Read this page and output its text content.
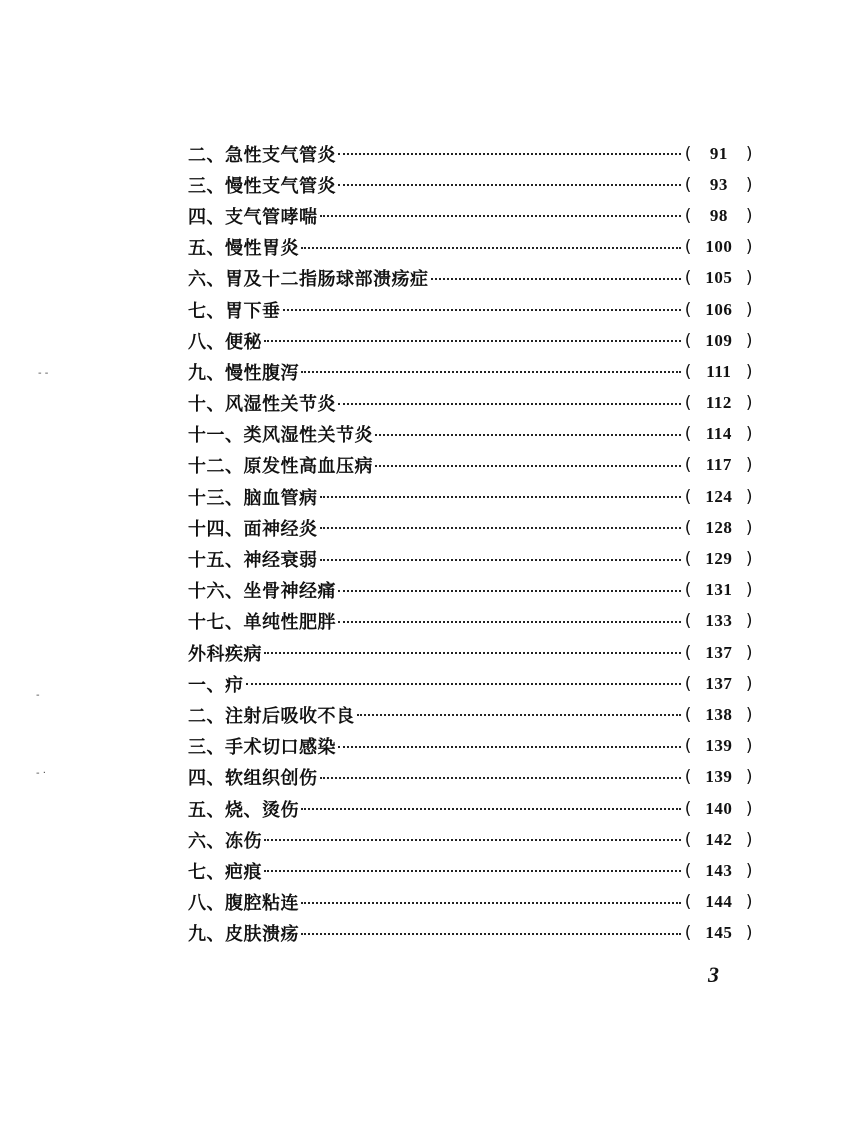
二、急性支气管炎	(	91	)
三、慢性支气管炎	(	93	)
四、支气管哮喘	(	98	)
五、慢性胃炎	( 100 )
六、胃及十二指肠球部溃疡症	( 105 )
七、胃下垂	( 106 )
八、便秘	( 109 )
九、慢性腹泻	( 111 )
十、风湿性关节炎	( 112 )
十一、类风湿性关节炎	( 114 )
十二、原发性高血压病	( 117 )
十三、脑血管病	( 124 )
十四、面神经炎	( 128 )
十五、神经衰弱	( 129 )
十六、坐骨神经痛	( 131 )
十七、单纯性肥胖	( 133 )
外科疾病	( 137 )
一、疖	( 137 )
二、注射后吸收不良	( 138 )
三、手术切口感染	( 139 )
四、软组织创伤	( 139 )
五、烧、烫伤	( 140 )
六、冻伤	( 142 )
七、疤痕	( 143 )
八、腹腔粘连	( 144 )
九、皮肤溃疡	( 145 )
3
- -
-
- ·
